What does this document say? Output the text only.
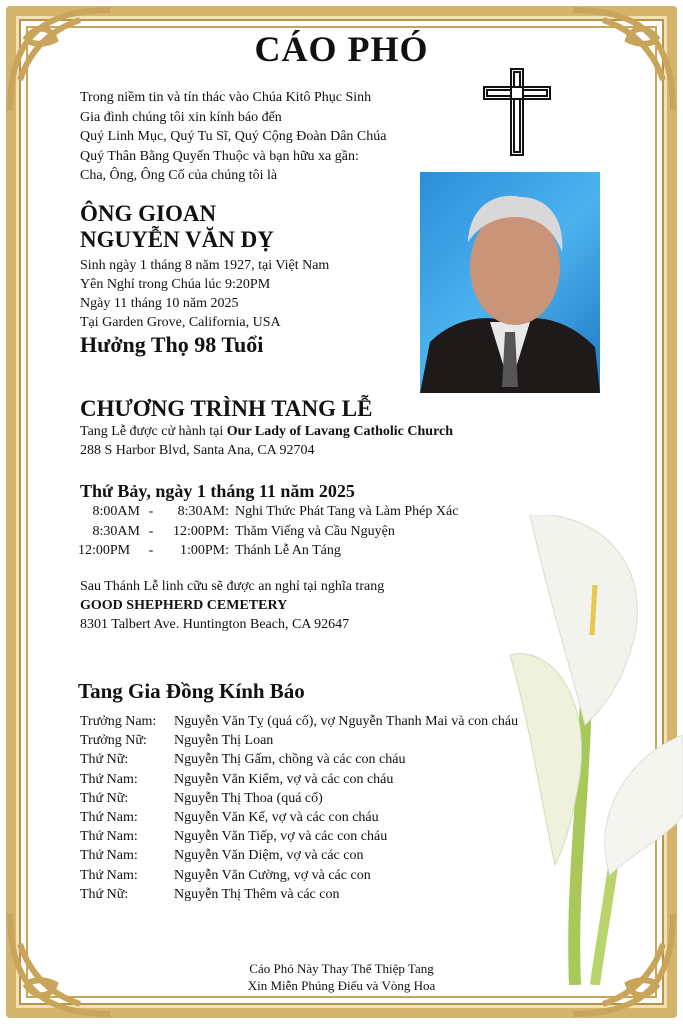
CÁO PHÓ
Trong niềm tin và tín thác vào Chúa Kitô Phục Sinh
Gia đình chúng tôi xin kính báo đến
Quý Linh Mục, Quý Tu Sĩ, Quý Cộng Đoàn Dân Chúa
Quý Thân Bằng Quyến Thuộc và bạn hữu xa gần:
Cha, Ông, Ông Cố của chúng tôi là
ÔNG GIOAN
NGUYỄN VĂN DỴ
Sinh ngày 1 tháng 8 năm 1927, tại Việt Nam
Yên Nghỉ trong Chúa lúc 9:20PM
Ngày 11 tháng 10 năm 2025
Tại Garden Grove, California, USA
Hưởng Thọ 98 Tuổi
CHƯƠNG TRÌNH TANG LỄ
Tang Lễ được cử hành tại Our Lady of Lavang Catholic Church
288 S Harbor Blvd, Santa Ana, CA 92704
Thứ Bảy, ngày 1 tháng 11 năm 2025
8:00AM -	8:30AM: Nghi Thức Phát Tang và Làm Phép Xác
8:30AM -	12:00PM: Thăm Viếng và Cầu Nguyện
12:00PM	-	1:00PM: Thánh Lễ An Táng
Sau Thánh Lễ linh cữu sẽ được an nghỉ tại nghĩa trang
GOOD SHEPHERD CEMETERY
8301 Talbert Ave. Huntington Beach, CA 92647
Tang Gia Đồng Kính Báo
Trưởng Nam:	Nguyễn Văn Tỵ (quá cố), vợ Nguyễn Thanh Mai và con cháu
Trưởng Nữ:	Nguyễn Thị Loan
Thứ Nữ:	Nguyễn Thị Gấm, chồng và các con cháu
Thứ Nam:	Nguyễn Văn Kiểm, vợ và các con cháu
Thứ Nữ:	Nguyễn Thị Thoa (quá cố)
Thứ Nam:	Nguyễn Văn Kế, vợ và các con cháu
Thứ Nam:	Nguyễn Văn Tiếp, vợ và các con cháu
Thứ Nam:	Nguyễn Văn Diệm, vợ và các con
Thứ Nam:	Nguyễn Văn Cường, vợ và các con
Thứ Nữ:	Nguyễn Thị Thêm và các con
Cáo Phó Này Thay Thế Thiệp Tang
Xin Miễn Phúng Điếu và Vòng Hoa
